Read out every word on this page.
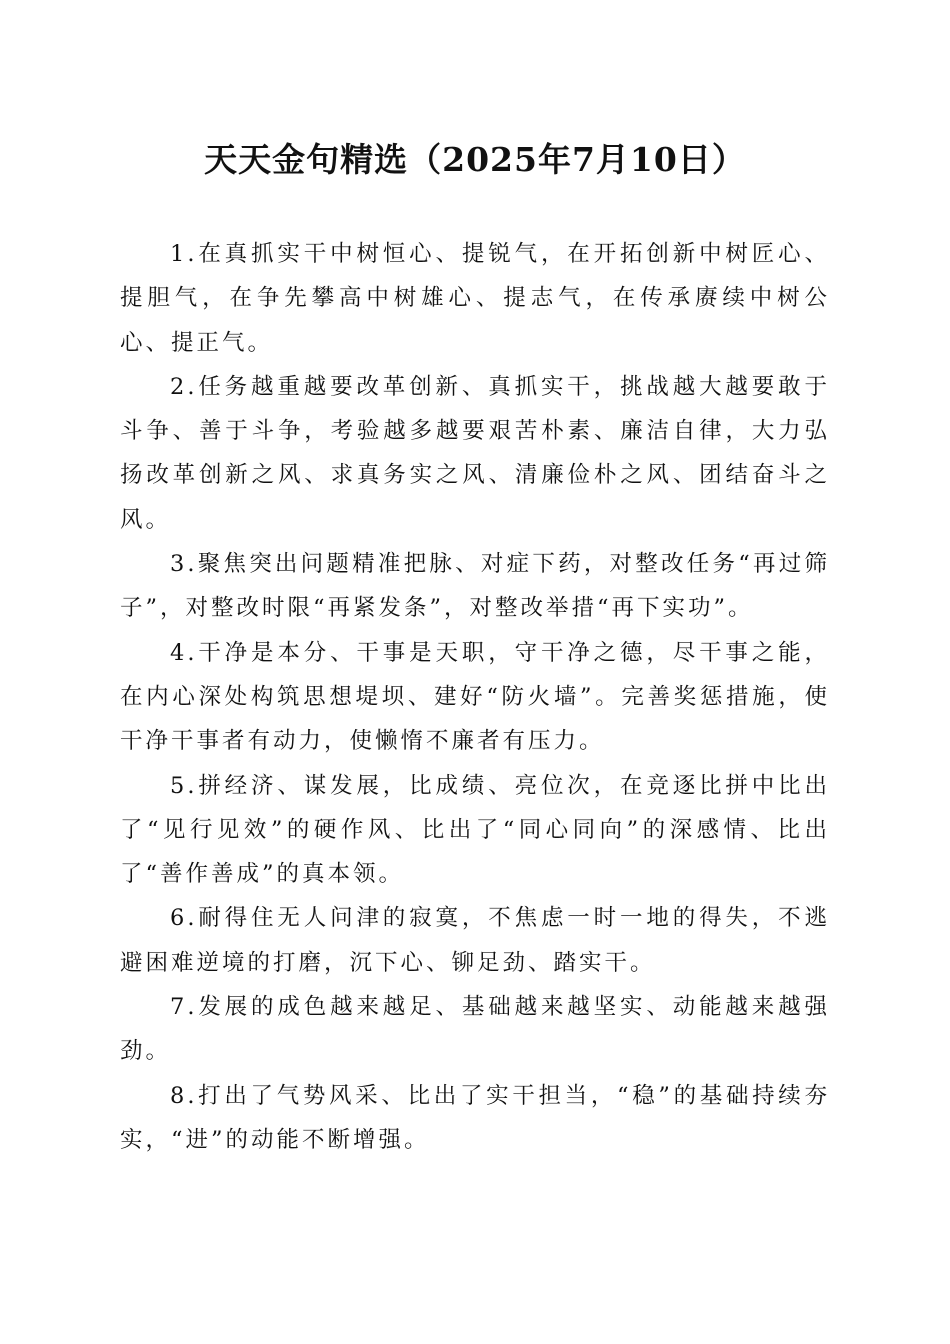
天天金句精选（2025年7月10日）

1.在真抓实干中树恒心、提锐气，在开拓创新中树匠心、提胆气，在争先攀高中树雄心、提志气，在传承赓续中树公心、提正气。

2.任务越重越要改革创新、真抓实干，挑战越大越要敢于斗争、善于斗争，考验越多越要艰苦朴素、廉洁自律，大力弘扬改革创新之风、求真务实之风、清廉俭朴之风、团结奋斗之风。

3.聚焦突出问题精准把脉、对症下药，对整改任务“再过筛子”，对整改时限“再紧发条”，对整改举措“再下实功”。

4.干净是本分、干事是天职，守干净之德，尽干事之能，在内心深处构筑思想堤坝、建好“防火墙”。完善奖惩措施，使干净干事者有动力，使懒惰不廉者有压力。

5.拼经济、谋发展，比成绩、亮位次，在竞逐比拼中比出了“见行见效”的硬作风、比出了“同心同向”的深感情、比出了“善作善成”的真本领。

6.耐得住无人问津的寂寞，不焦虑一时一地的得失，不逃避困难逆境的打磨，沉下心、铆足劲、踏实干。

7.发展的成色越来越足、基础越来越坚实、动能越来越强劲。

8.打出了气势风采、比出了实干担当，“稳”的基础持续夯实，“进”的动能不断增强。
